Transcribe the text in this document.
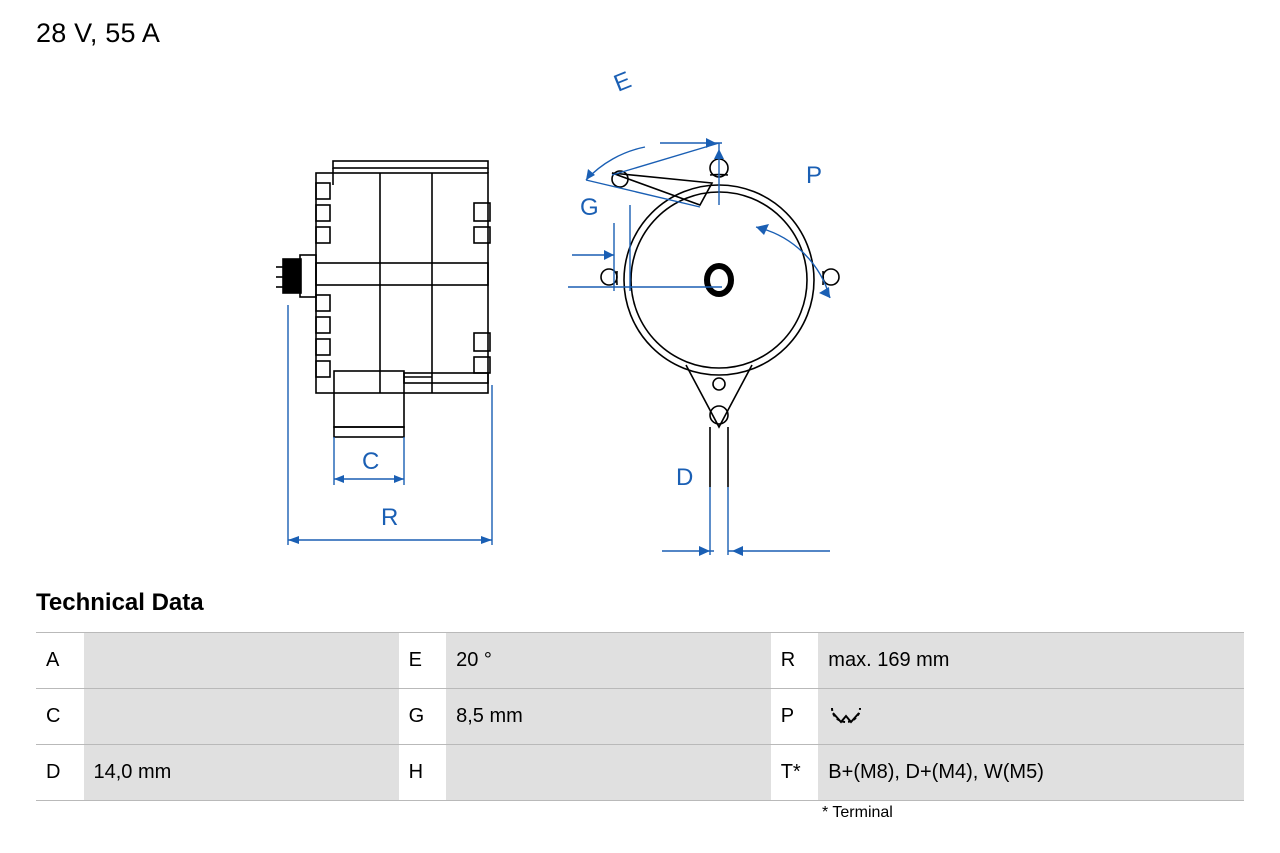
28 V, 55 A
C
R
E
G
P
D
Technical Data
A		E	20 °	R	max. 169 mm
C		G	8,5 mm	P	
D	14,0 mm	H		T*	B+(M8), D+(M4), W(M5)
* Terminal
